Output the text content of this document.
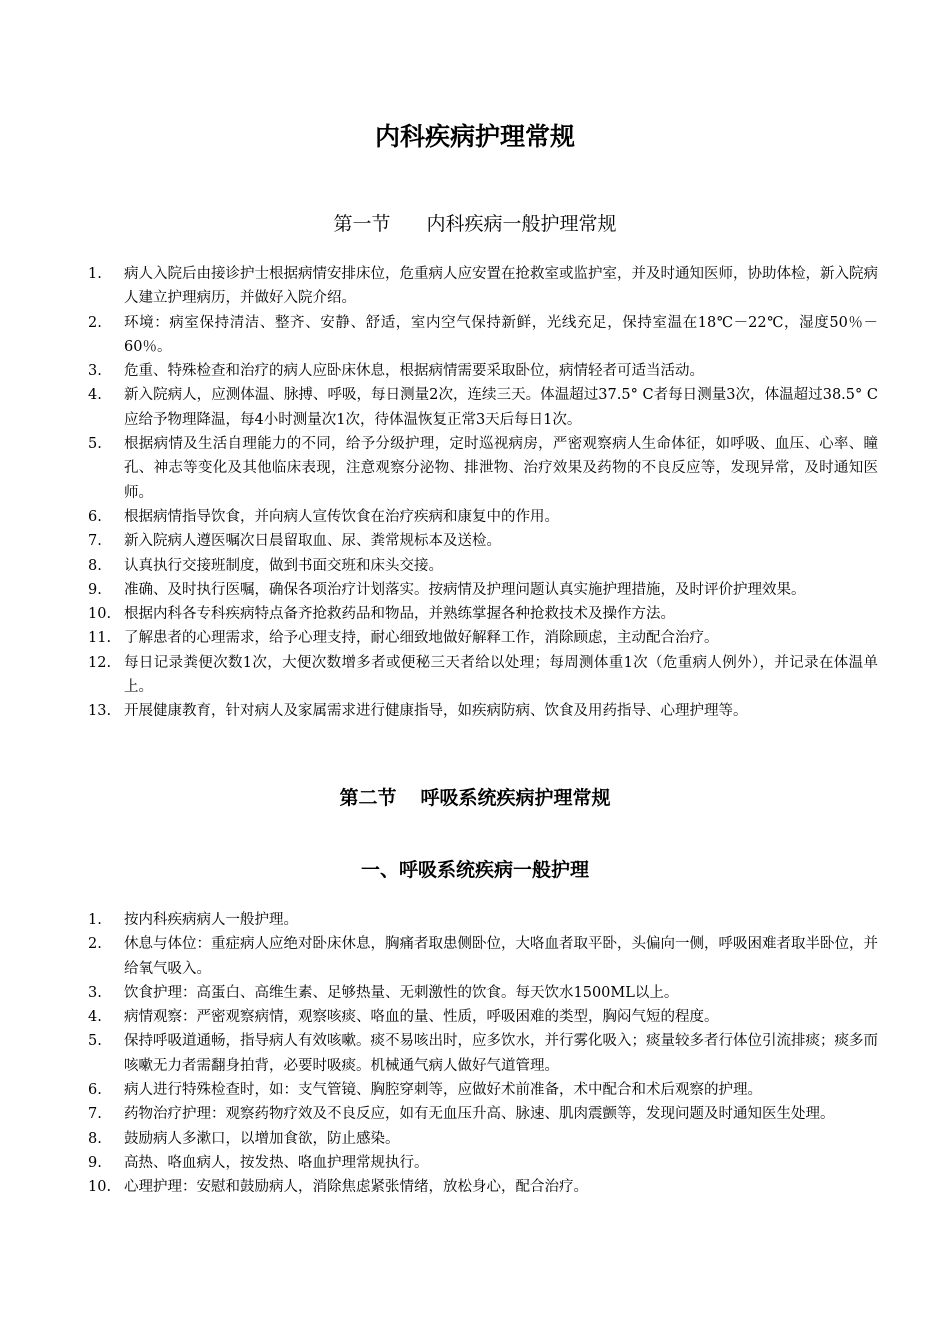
内科疾病护理常规
第一节 内科疾病一般护理常规
1.	病人入院后由接诊护士根据病情安排床位，危重病人应安置在抢救室或监护室，并及时通知医师，协助体检，新入院病人建立护理病历，并做好入院介绍。
2.	环境：病室保持清洁、整齐、安静、舒适，室内空气保持新鲜，光线充足，保持室温在18℃－22℃，湿度50％－60％。
3.	危重、特殊检查和治疗的病人应卧床休息，根据病情需要采取卧位，病情轻者可适当活动。
4.	新入院病人，应测体温、脉搏、呼吸，每日测量2次，连续三天。体温超过37.5° C者每日测量3次，体温超过38.5° C应给予物理降温，每4小时测量次1次，待体温恢复正常3天后每日1次。
5.	根据病情及生活自理能力的不同，给予分级护理，定时巡视病房，严密观察病人生命体征，如呼吸、血压、心率、瞳孔、神志等变化及其他临床表现，注意观察分泌物、排泄物、治疗效果及药物的不良反应等，发现异常，及时通知医师。
6.	根据病情指导饮食，并向病人宣传饮食在治疗疾病和康复中的作用。
7.	新入院病人遵医嘱次日晨留取血、尿、粪常规标本及送检。
8.	认真执行交接班制度，做到书面交班和床头交接。
9.	准确、及时执行医嘱，确保各项治疗计划落实。按病情及护理问题认真实施护理措施，及时评价护理效果。
10. 根据内科各专科疾病特点备齐抢救药品和物品，并熟练掌握各种抢救技术及操作方法。
11. 了解患者的心理需求，给予心理支持，耐心细致地做好解释工作，消除顾虑，主动配合治疗。
12. 每日记录粪便次数1次，大便次数增多者或便秘三天者给以处理；每周测体重1次（危重病人例外），并记录在体温单上。
13. 开展健康教育，针对病人及家属需求进行健康指导，如疾病防病、饮食及用药指导、心理护理等。
第二节 呼吸系统疾病护理常规
一、呼吸系统疾病一般护理
1.	按内科疾病病人一般护理。
2.	休息与体位：重症病人应绝对卧床休息，胸痛者取患侧卧位，大咯血者取平卧，头偏向一侧，呼吸困难者取半卧位，并给氧气吸入。
3.	饮食护理：高蛋白、高维生素、足够热量、无刺激性的饮食。每天饮水1500ML以上。
4.	病情观察：严密观察病情，观察咳痰、咯血的量、性质，呼吸困难的类型，胸闷气短的程度。
5.	保持呼吸道通畅，指导病人有效咳嗽。痰不易咳出时，应多饮水，并行雾化吸入；痰量较多者行体位引流排痰；痰多而咳嗽无力者需翻身拍背，必要时吸痰。机械通气病人做好气道管理。
6.	病人进行特殊检查时，如：支气管镜、胸腔穿刺等，应做好术前准备，术中配合和术后观察的护理。
7.	药物治疗护理：观察药物疗效及不良反应，如有无血压升高、脉速、肌肉震颤等，发现问题及时通知医生处理。
8.	鼓励病人多漱口，以增加食欲，防止感染。
9.	高热、咯血病人，按发热、咯血护理常规执行。
10. 心理护理：安慰和鼓励病人，消除焦虑紧张情绪，放松身心，配合治疗。
